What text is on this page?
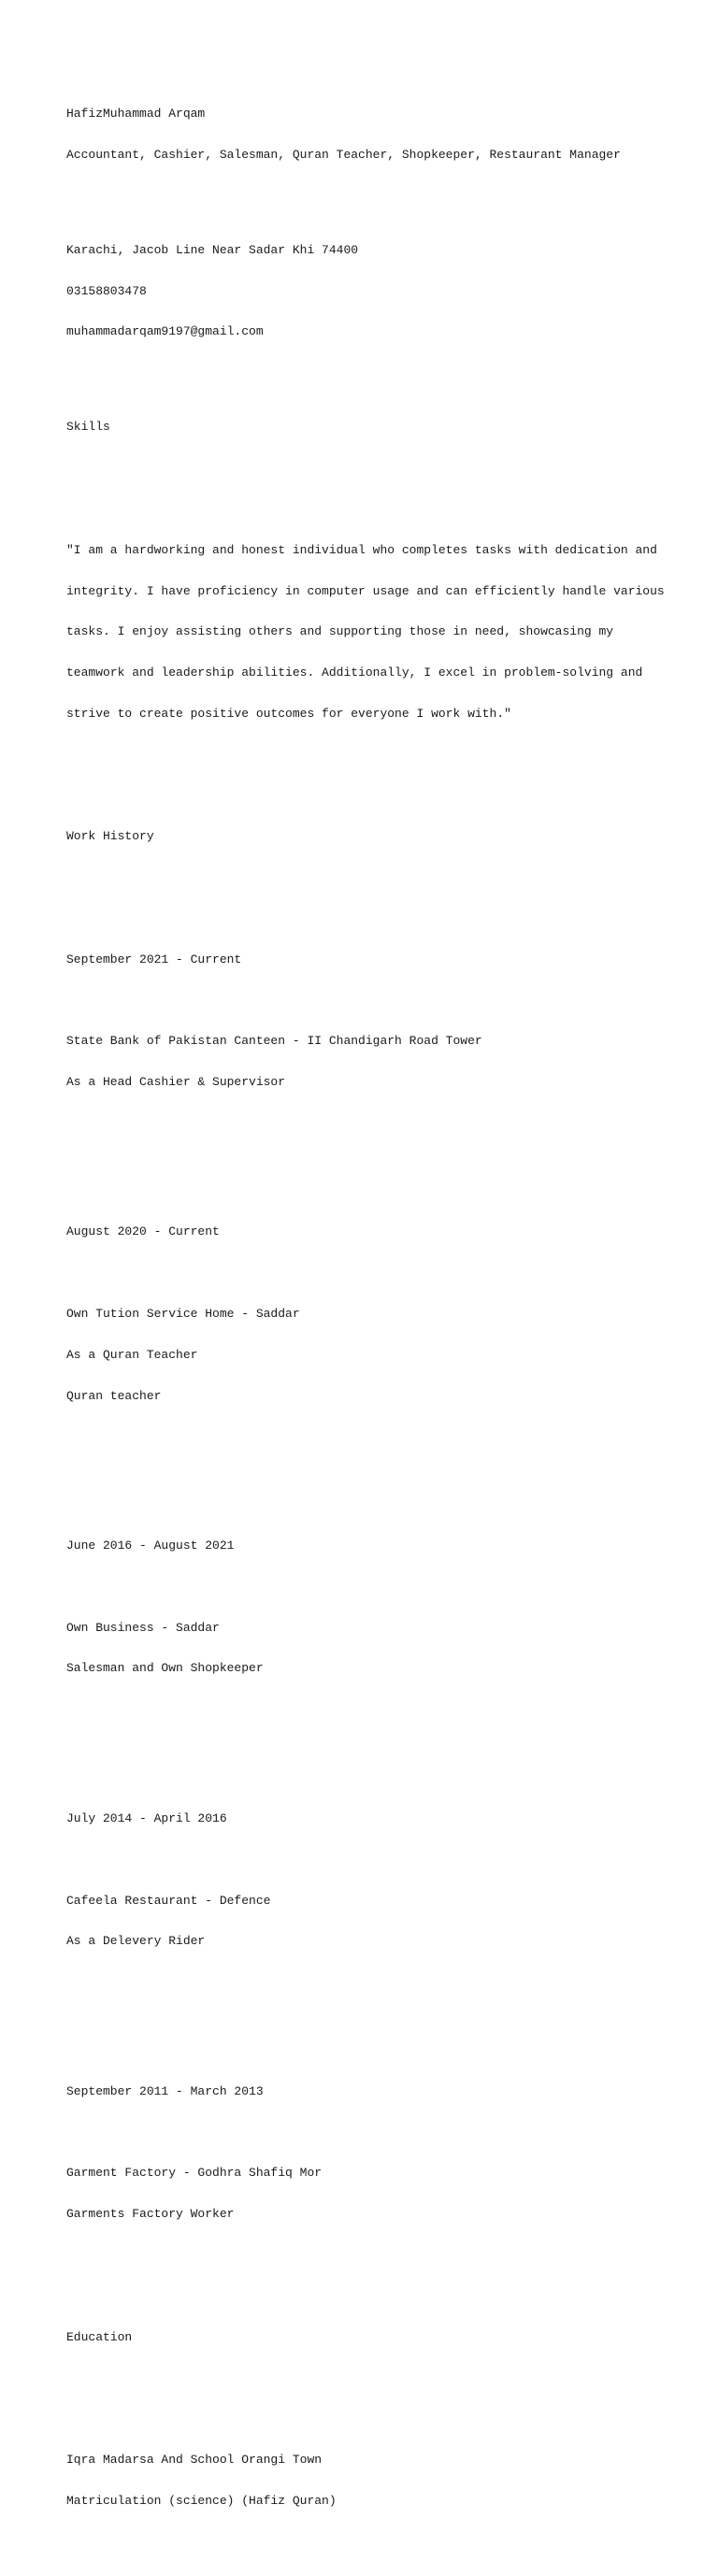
HafizMuhammad Arqam

Accountant, Cashier, Salesman, Quran Teacher, Shopkeeper, Restaurant Manager

Karachi, Jacob Line Near Sadar Khi 74400

03158803478

muhammadarqam9197@gmail.com

Skills

"I am a hardworking and honest individual who completes tasks with dedication and

integrity. I have proficiency in computer usage and can efficiently handle various

tasks. I enjoy assisting others and supporting those in need, showcasing my

teamwork and leadership abilities. Additionally, I excel in problem-solving and

strive to create positive outcomes for everyone I work with."

Work History

September 2021 - Current

State Bank of Pakistan Canteen - II Chandigarh Road Tower

As a Head Cashier & Supervisor

August 2020 - Current

Own Tution Service Home - Saddar

As a Quran Teacher

Quran teacher

June 2016 - August 2021

Own Business - Saddar

Salesman and Own Shopkeeper

July 2014 - April 2016

Cafeela Restaurant - Defence

As a Delevery Rider

September 2011 - March 2013

Garment Factory - Godhra Shafiq Mor

Garments Factory Worker

Education

Iqra Madarsa And School Orangi Town

Matriculation (science) (Hafiz Quran)
